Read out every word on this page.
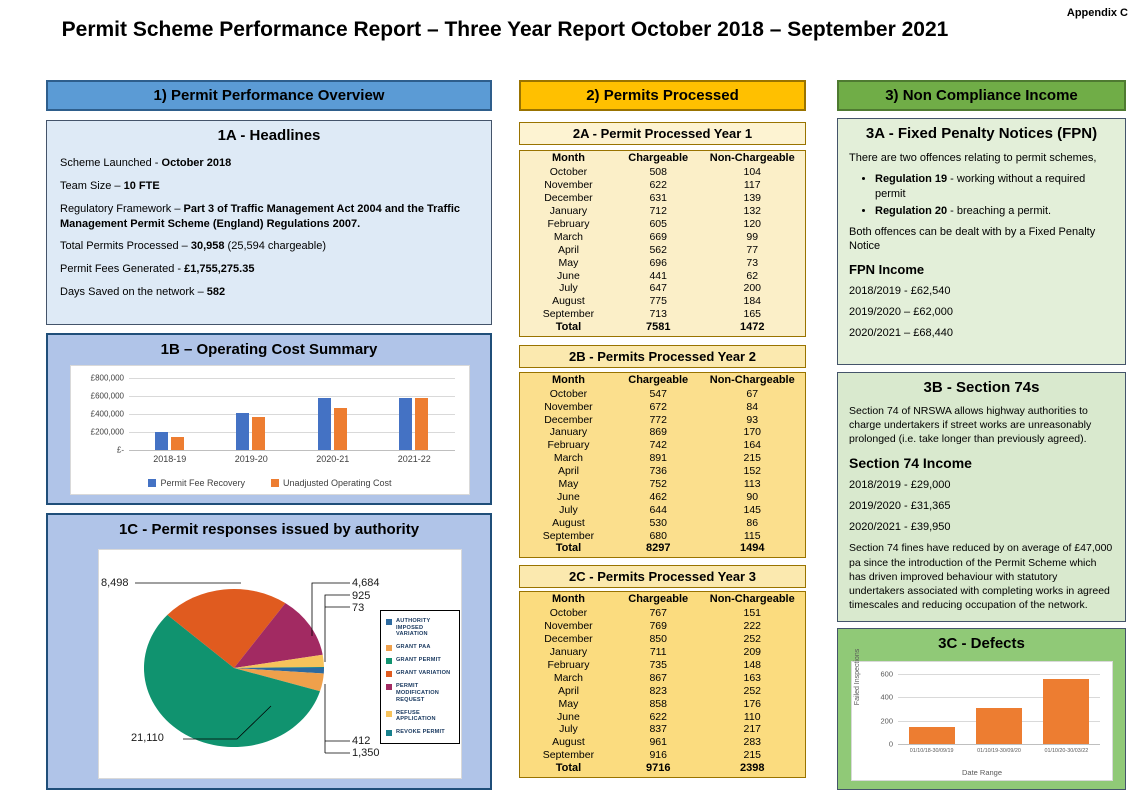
Appendix C
Permit Scheme Performance Report – Three Year Report October 2018 – September 2021
1) Permit Performance Overview
1A - Headlines

Scheme Launched - October 2018

Team Size – 10 FTE

Regulatory Framework – Part 3 of Traffic Management Act 2004 and the Traffic Management Permit Scheme (England) Regulations 2007.

Total Permits Processed – 30,958 (25,594 chargeable)

Permit Fees Generated - £1,755,275.35

Days Saved on the network – 582

1B – Operating Cost Summary
£800,000
£600,000
£400,000
£200,000
£-
2018-19	2019-20	2020-21	2021-22
Permit Fee Recovery	Unadjusted Operating Cost
1C - Permit responses issued by authority
8,498
21,110
4,684
925
73
412
1,350
AUTHORITY IMPOSED VARIATION
GRANT PAA
GRANT PERMIT
GRANT VARIATION
PERMIT MODIFICATION REQUEST
REFUSE APPLICATION
REVOKE PERMIT
2) Permits Processed
2A - Permit Processed Year 1
Month	Chargeable	Non-Chargeable
October	508	104
November	622	117
December	631	139
January	712	132
February	605	120
March	669	99
April	562	77
May	696	73
June	441	62
July	647	200
August	775	184
September	713	165
Total	7581	1472
2B - Permits Processed Year 2
Month	Chargeable	Non-Chargeable
October	547	67
November	672	84
December	772	93
January	869	170
February	742	164
March	891	215
April	736	152
May	752	113
June	462	90
July	644	145
August	530	86
September	680	115
Total	8297	1494
2C - Permits Processed Year 3
Month	Chargeable	Non-Chargeable
October	767	151
November	769	222
December	850	252
January	711	209
February	735	148
March	867	163
April	823	252
May	858	176
June	622	110
July	837	217
August	961	283
September	916	215
Total	9716	2398
3) Non Compliance Income
3A - Fixed Penalty Notices (FPN)

There are two offences relating to permit schemes,

• Regulation 19 - working without a required permit
• Regulation 20 - breaching a permit.

Both offences can be dealt with by a Fixed Penalty Notice

FPN Income

2018/2019 - £62,540

2019/2020 – £62,000

2020/2021 – £68,440

3B - Section 74s

Section 74 of NRSWA allows highway authorities to charge undertakers if street works are unreasonably prolonged (i.e. take longer than previously agreed).

Section 74 Income

2018/2019 - £29,000

2019/2020 - £31,365

2020/2021 - £39,950

Section 74 fines have reduced by on average of £47,000 pa since the introduction of the Permit Scheme which has driven improved behaviour with statutory undertakers associated with completing works in agreed timescales and reducing occupation of the network.

3C - Defects
600
400
200
0
01/10/18-30/09/19	01/10/19-30/09/20	01/10/20-30/03/22
Failed Inspections
Date Range
